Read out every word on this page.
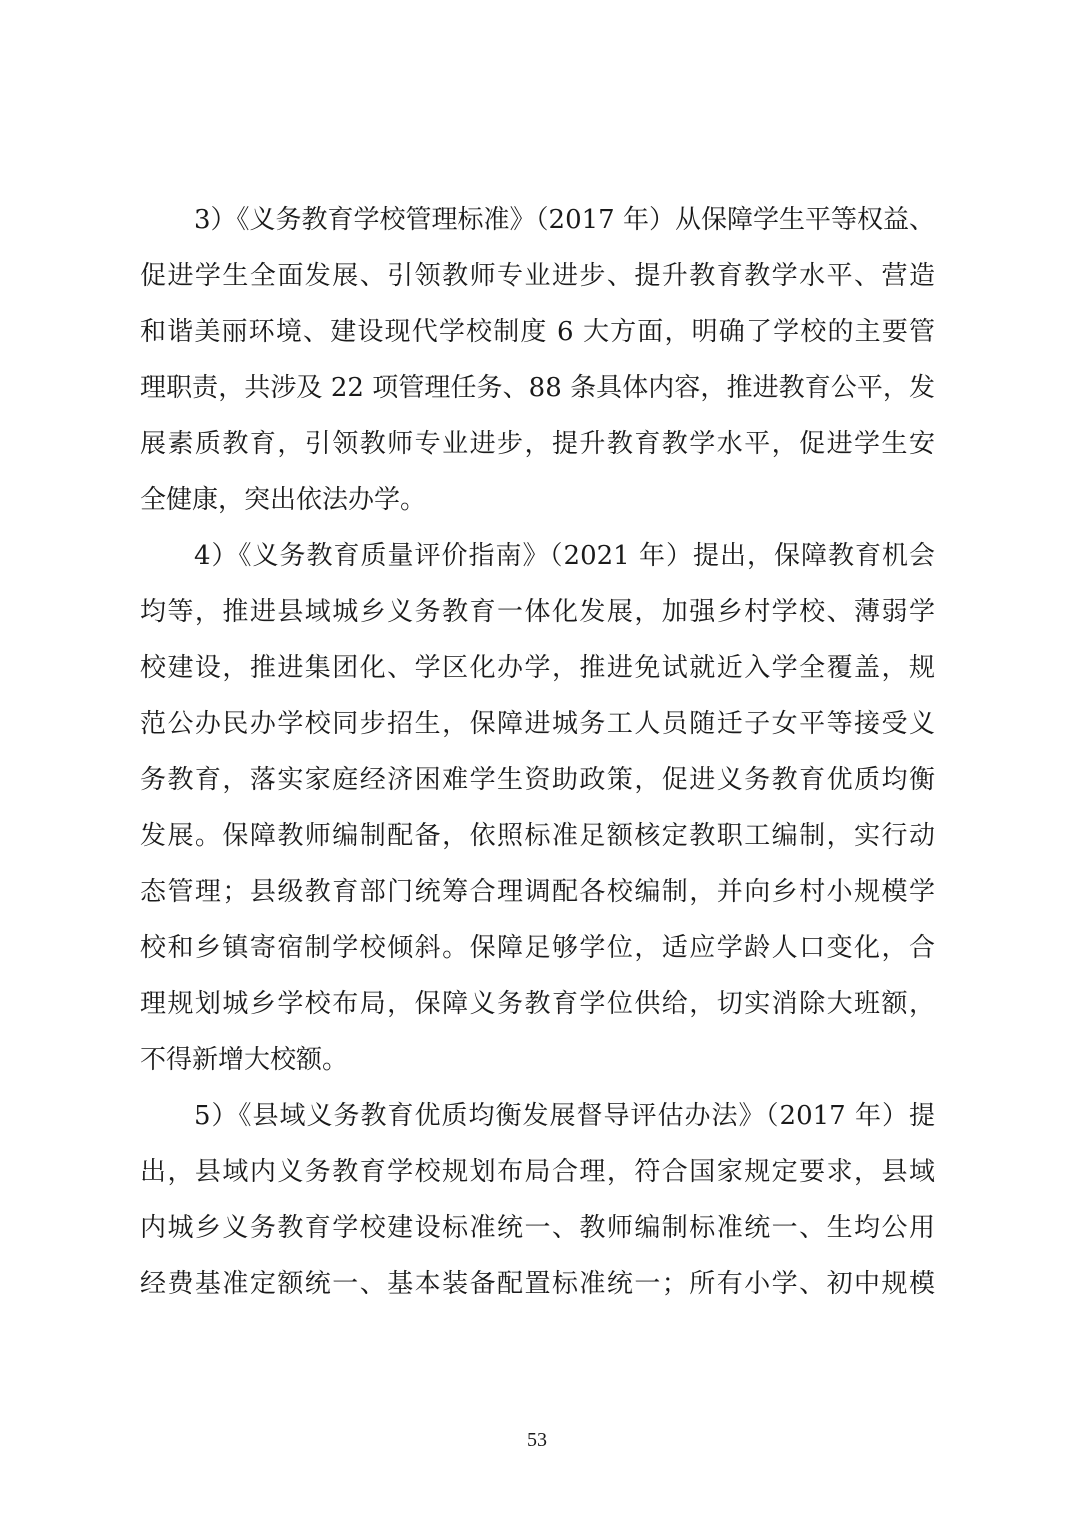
3）《义务教育学校管理标准》（2017 年）从保障学生平等权益、
促进学生全面发展、引领教师专业进步、提升教育教学水平、营造
和谐美丽环境、建设现代学校制度 6 大方面，明确了学校的主要管
理职责，共涉及 22 项管理任务、88 条具体内容，推进教育公平，发
展素质教育，引领教师专业进步，提升教育教学水平，促进学生安
全健康，突出依法办学。
4）《义务教育质量评价指南》（2021 年）提出，保障教育机会
均等，推进县域城乡义务教育一体化发展，加强乡村学校、薄弱学
校建设，推进集团化、学区化办学，推进免试就近入学全覆盖，规
范公办民办学校同步招生，保障进城务工人员随迁子女平等接受义
务教育，落实家庭经济困难学生资助政策，促进义务教育优质均衡
发展。保障教师编制配备，依照标准足额核定教职工编制，实行动
态管理；县级教育部门统筹合理调配各校编制，并向乡村小规模学
校和乡镇寄宿制学校倾斜。保障足够学位，适应学龄人口变化，合
理规划城乡学校布局，保障义务教育学位供给，切实消除大班额，
不得新增大校额。
5）《县域义务教育优质均衡发展督导评估办法》（2017 年）提
出，县域内义务教育学校规划布局合理，符合国家规定要求，县域
内城乡义务教育学校建设标准统一、教师编制标准统一、生均公用
经费基准定额统一、基本装备配置标准统一；所有小学、初中规模
53
